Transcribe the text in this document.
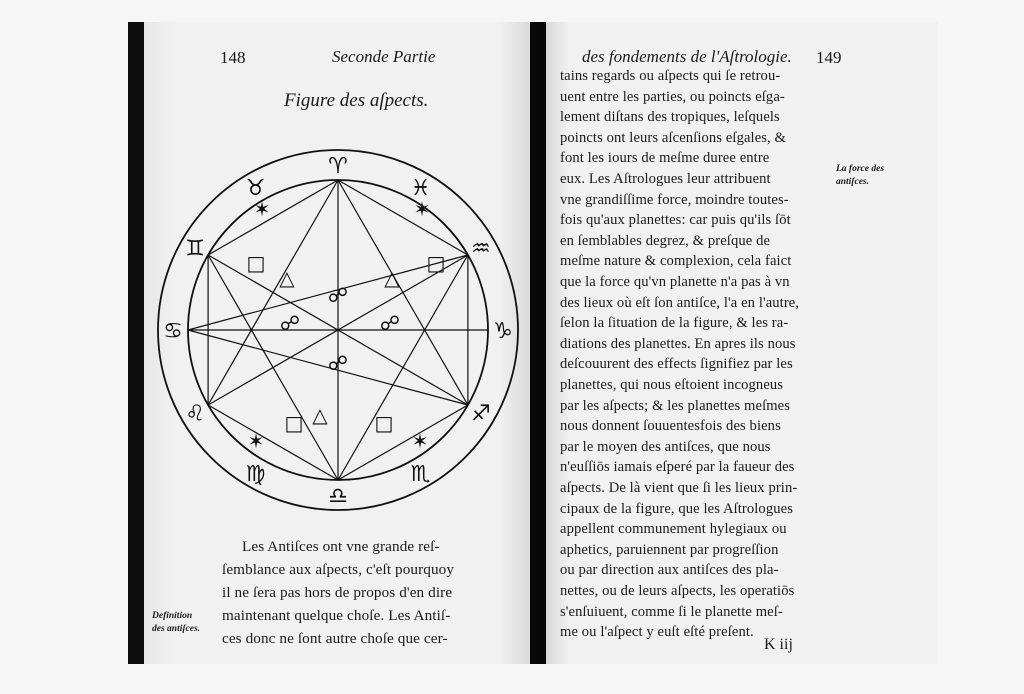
148	Seconde Partie
Figure des aſpects.
♈
♉
♊
♋
♌
♍
♎
♏
♐
♑
♒
♓
☍
☍	☍
☍
□	□
□	□
△	△
△
✶	✶
✶	✶
Les Antiſces ont vne grande reſ-
ſemblance aux aſpects, c'eſt pourquoy
il ne ſera pas hors de propos d'en dire
maintenant quelque choſe. Les Antiſ-
ces donc ne ſont autre choſe que cer-
Definition
des antiſces.
des fondements de l'Aſtrologie. 149
tains regards ou aſpects qui ſe retrou-
uent entre les parties, ou poincts eſga-
lement diſtans des tropiques, leſquels
poincts ont leurs aſcenſions eſgales, &
font les iours de meſme duree entre
eux. Les Aſtrologues leur attribuent
vne grandiſſime force, moindre toutes-
fois qu'aux planettes: car puis qu'ils ſōt
en ſemblables degrez, & preſque de
meſme nature & complexion, cela faict
que la force qu'vn planette n'a pas à vn
des lieux où eſt ſon antiſce, l'a en l'autre,
ſelon la ſituation de la figure, & les ra-
diations des planettes. En apres ils nous
deſcouurent des effects ſignifiez par les
planettes, qui nous eſtoient incogneus
par les aſpects; & les planettes meſmes
nous donnent ſouuentesfois des biens
par le moyen des antiſces, que nous
n'euſſiōs iamais eſperé par la faueur des
aſpects. De là vient que ſi les lieux prin-
cipaux de la figure, que les Aſtrologues
appellent communement hylegiaux ou
aphetics, paruiennent par progreſſion
ou par direction aux antiſces des pla-
nettes, ou de leurs aſpects, les operatiōs
s'enſuiuent, comme ſi le planette meſ-
me ou l'aſpect y euſt eſté preſent.
La force des
antiſces.
K iij
